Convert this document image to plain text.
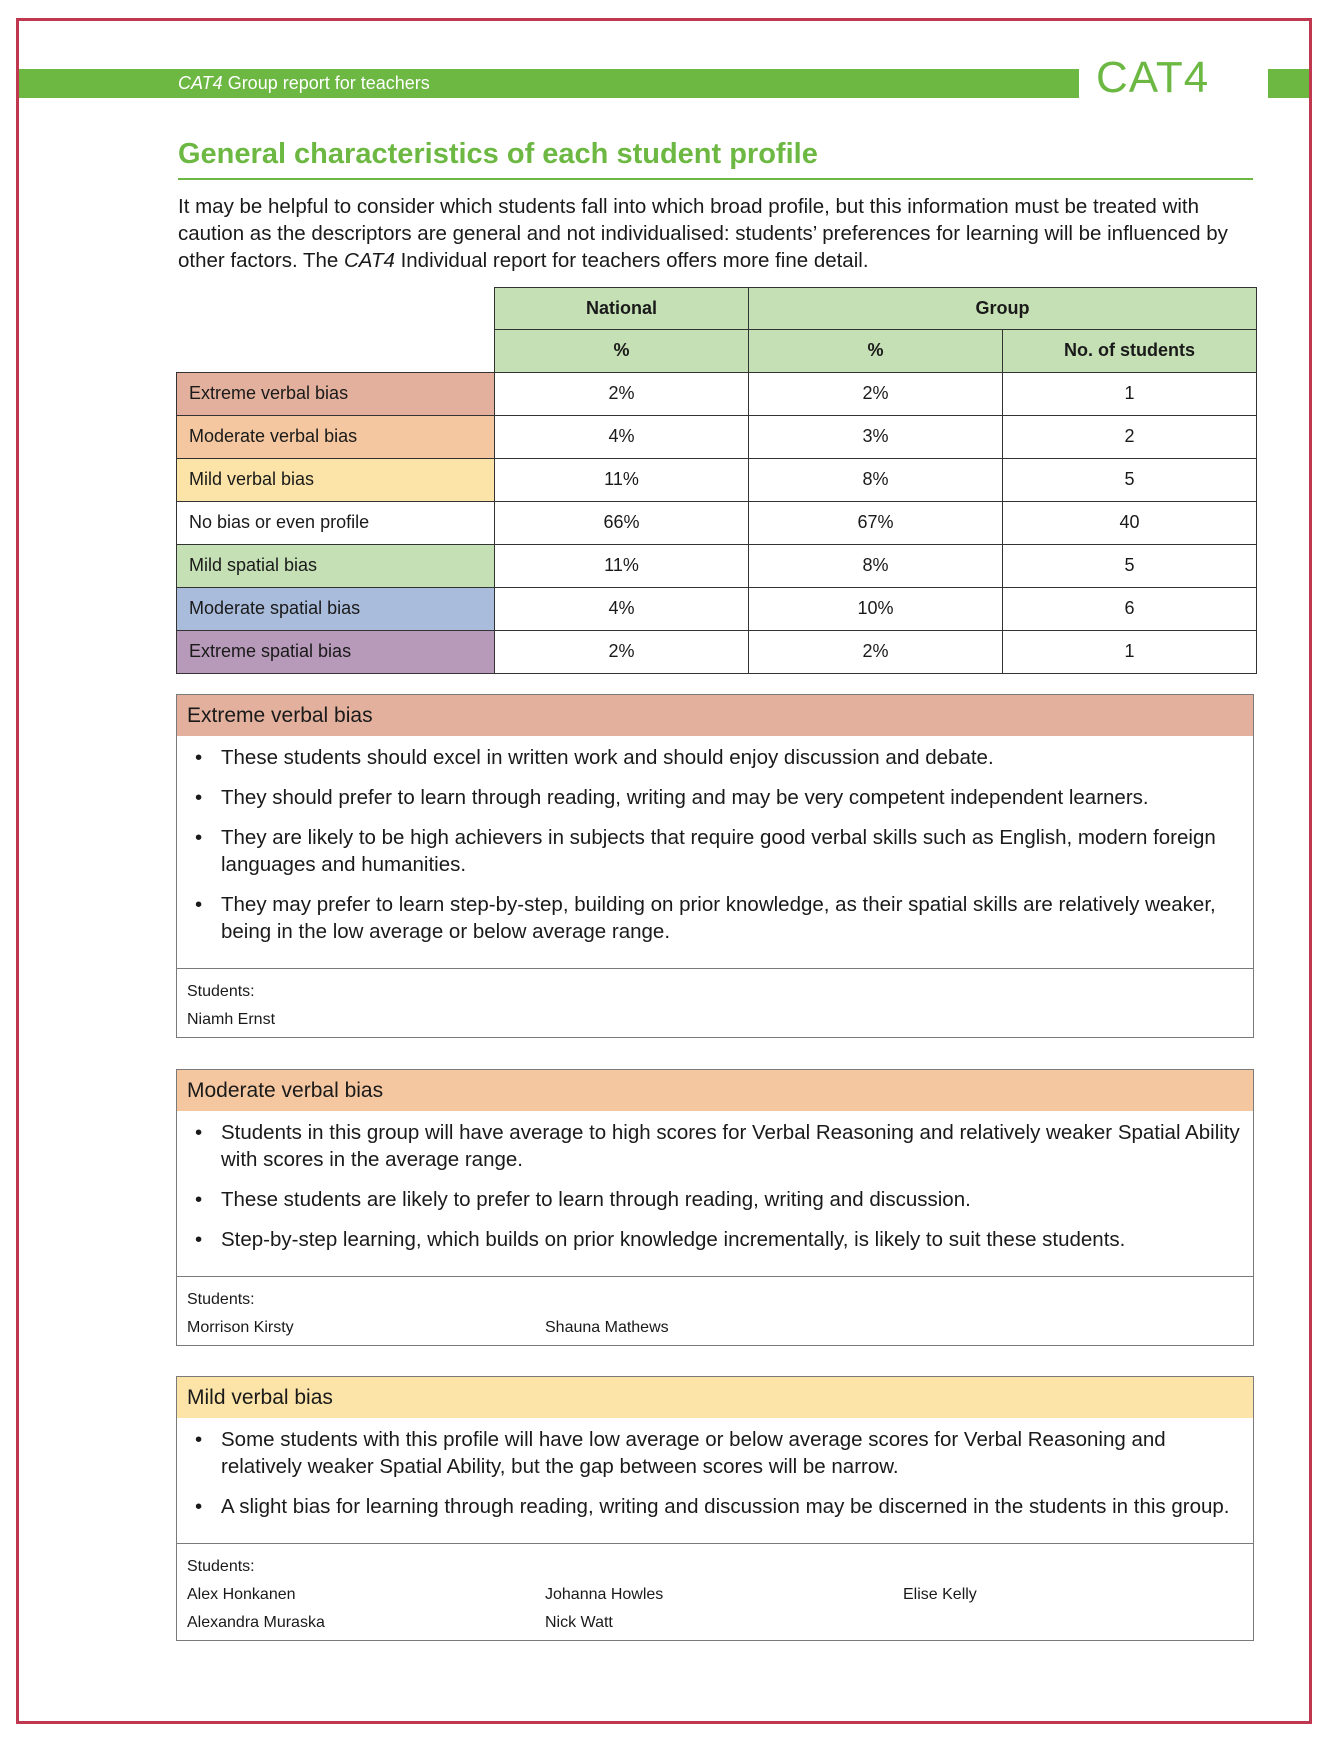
CAT4 Group report for teachers	CAT4
General characteristics of each student profile

It may be helpful to consider which students fall into which broad profile, but this information must be treated with caution as the descriptors are general and not individualised: students’ preferences for learning will be influenced by other factors. The CAT4 Individual report for teachers offers more fine detail.

	National	Group	
	%	%	No. of students
Extreme verbal bias	2%	2%	1
Moderate verbal bias	4%	3%	2
Mild verbal bias	11%	8%	5
No bias or even profile	66%	67%	40
Mild spatial bias	11%	8%	5
Moderate spatial bias	4%	10%	6
Extreme spatial bias	2%	2%	1
Extreme verbal bias
• These students should excel in written work and should enjoy discussion and debate.
• They should prefer to learn through reading, writing and may be very competent independent learners.
• They are likely to be high achievers in subjects that require good verbal skills such as English, modern foreign languages and humanities.
• They may prefer to learn step-by-step, building on prior knowledge, as their spatial skills are relatively weaker, being in the low average or below average range.
Students:
Niamh Ernst
Moderate verbal bias
• Students in this group will have average to high scores for Verbal Reasoning and relatively weaker Spatial Ability with scores in the average range.
• These students are likely to prefer to learn through reading, writing and discussion.
• Step-by-step learning, which builds on prior knowledge incrementally, is likely to suit these students.
Students:
Morrison Kirsty	Shauna Mathews
Mild verbal bias
• Some students with this profile will have low average or below average scores for Verbal Reasoning and relatively weaker Spatial Ability, but the gap between scores will be narrow.
• A slight bias for learning through reading, writing and discussion may be discerned in the students in this group.
Students:
Alex Honkanen	Johanna Howles	Elise Kelly
Alexandra Muraska	Nick Watt
